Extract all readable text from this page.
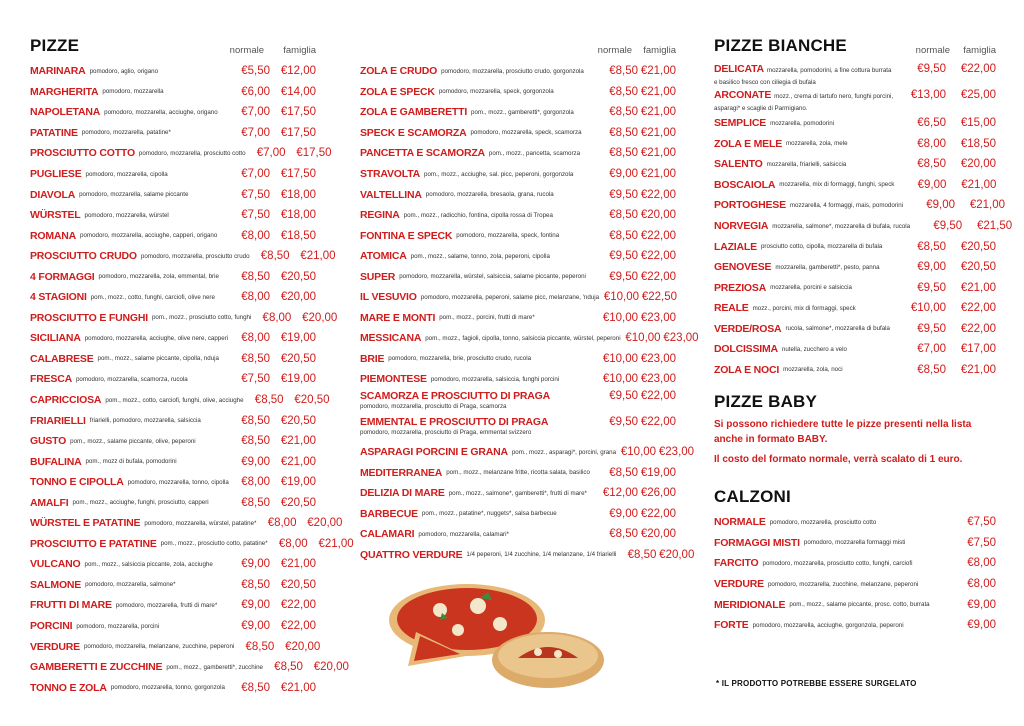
PIZZE	normale	famiglia
MARINARA pomodoro, aglio, origano	€5,50 €12,00
MARGHERITA pomodoro, mozzarella	€6,00 €14,00
NAPOLETANA pomodoro, mozzarella, acciughe, origano	€7,00 €17,50
PATATINE pomodoro, mozzarella, patatine*	€7,00 €17,50
PROSCIUTTO COTTO pomodoro, mozzarella, prosciutto cotto €7,00 €17,50
PUGLIESE pomodoro, mozzarella, cipolla	€7,00 €17,50
DIAVOLA pomodoro, mozzarella, salame piccante	€7,50 €18,00
WÜRSTEL pomodoro, mozzarella, würstel	€7,50 €18,00
ROMANA pomodoro, mozzarella, acciughe, capperi, origano	€8,00 €18,50
PROSCIUTTO CRUDO pomodoro, mozzarella, prosciutto crudo €8,50 €21,00
4 FORMAGGI pomodoro, mozzarella, zola, emmental, brie	€8,50 €20,50
4 STAGIONI pom., mozz., cotto, funghi, carciofi, olive nere	€8,00 €20,00
PROSCIUTTO E FUNGHI pom., mozz., prosciutto cotto, funghi €8,00 €20,00
SICILIANA pomodoro, mozzarella, acciughe, olive nere, capperi	€8,00 €19,00
CALABRESE pom., mozz., salame piccante, cipolla, nduja	€8,50 €20,50
FRESCA pomodoro, mozzarella, scamorza, rucola	€7,50 €19,00
CAPRICCIOSA pom., mozz., cotto, carciofi, funghi, olive, acciughe €8,50 €20,50
FRIARIELLI friarielli, pomodoro, mozzarella, salsiccia	€8,50 €20,50
GUSTO pom., mozz., salame piccante, olive, peperoni	€8,50 €21,00
BUFALINA pom., mozz di bufala, pomodorini	€9,00 €21,00
TONNO E CIPOLLA pomodoro, mozzarella, tonno, cipolla	€8,00 €19,00
AMALFI pom., mozz., acciughe, funghi, prosciutto, capperi	€8,50 €20,50
WÜRSTEL E PATATINE pomodoro, mozzarella, würstel, patatine* €8,00 €20,00
PROSCIUTTO E PATATINE pom., mozz., prosciutto cotto, patatine* €8,00 €21,00
VULCANO pom., mozz., salsiccia piccante, zola, acciughe	€9,00 €21,00
SALMONE pomodoro, mozzarella, salmone*	€8,50 €20,50
FRUTTI DI MARE pomodoro, mozzarella, frutti di mare*	€9,00 €22,00
PORCINI pomodoro, mozzarella, porcini	€9,00 €22,00
VERDURE pomodoro, mozzarella, melanzane, zucchine, peperoni €8,50 €20,00
GAMBERETTI E ZUCCHINE pom., mozz., gamberetti*, zucchine €8,50 €20,00
TONNO E ZOLA pomodoro, mozzarella, tonno, gorgonzola	€8,50 €21,00
normale	famiglia
ZOLA E CRUDO pomodoro, mozzarella, prosciutto crudo, gorgonzola	€8,50 €21,00
ZOLA E SPECK pomodoro, mozzarella, speck, gorgonzola	€8,50 €21,00
ZOLA E GAMBERETTI pom., mozz., gamberetti*, gorgonzola	€8,50 €21,00
SPECK E SCAMORZA pomodoro, mozzarella, speck, scamorza	€8,50 €21,00
PANCETTA E SCAMORZA pom., mozz., pancetta, scamorza	€8,50 €21,00
STRAVOLTA pom., mozz., acciughe, sal. picc, peperoni, gorgonzola	€9,00 €21,00
VALTELLINA pomodoro, mozzarella, bresaola, grana, rucola	€9,50 €22,00
REGINA pom., mozz., radicchio, fontina, cipolla rossa di Tropea	€8,50 €20,00
FONTINA E SPECK pomodoro, mozzarella, speck, fontina	€8,50 €22,00
ATOMICA pom., mozz., salame, tonno, zola, peperoni, cipolla	€9,50 €22,00
SUPER pomodoro, mozzarella, würstel, salsiccia, salame piccante, peperoni	€9,50 €22,00
IL VESUVIO pomodoro, mozzarella, peperoni, salame picc, melanzane, 'nduja €10,00 €22,50
MARE E MONTI pom., mozz., porcini, frutti di mare*	€10,00 €23,00
MESSICANA pom., mozz., fagioli, cipolla, tonno, salsiccia piccante, würstel, peperoni €10,00 €23,00
BRIE pomodoro, mozzarella, brie, prosciutto crudo, rucola	€10,00 €23,00
PIEMONTESE pomodoro, mozzarella, salsiccia, funghi porcini	€10,00 €23,00
SCAMORZA E PROSCIUTTO DI PRAGA
pomodoro, mozzarella, prosciutto di Praga, scamorza
€9,50 €22,00
EMMENTAL E PROSCIUTTO DI PRAGA
pomodoro, mozzarella, prosciutto di Praga, emmental svizzero
€9,50 €22,00
ASPARAGI PORCINI E GRANA pom., mozz., asparagi*, porcini, grana €10,00 €23,00
MEDITERRANEA pom., mozz., melanzane fritte, ricotta salata, basilico	€8,50 €19,00
DELIZIA DI MARE pom., mozz., salmone*, gamberetti*, frutti di mare*	€12,00 €26,00
BARBECUE pom., mozz., patatine*, nuggets*, salsa barbecue	€9,00 €22,00
CALAMARI pomodoro, mozzarella, calamari*	€8,50 €20,00
QUATTRO VERDURE 1/4 peperoni, 1/4 zucchine, 1/4 melanzane, 1/4 friarielli €8,50 €20,00
PIZZE BIANCHE	normale	famiglia
DELICATA mozzarella, pomodorini, a fine cottura burrata e basilico fresco con ciliegia di bufala
€9,50	€22,00
ARCONATE mozz., crema di tartufo nero, funghi porcini, asparagi* e scaglie di Parmigiano.
€13,00	€25,00
SEMPLICE mozzarella, pomodorini	€6,50	€15,00
ZOLA E MELE mozzarella, zola, mele	€8,00	€18,50
SALENTO mozzarella, friarielli, salsiccia	€8,50	€20,00
BOSCAIOLA mozzarella, mix di formaggi, funghi, speck	€9,00	€21,00
PORTOGHESE mozzarella, 4 formaggi, mais, pomodorini	€9,00	€21,00
NORVEGIA mozzarella, salmone*, mozzarella di bufala, rucola	€9,50	€21,50
LAZIALE prosciutto cotto, cipolla, mozzarella di bufala	€8,50	€20,50
GENOVESE mozzarella, gamberetti*, pesto, panna	€9,00	€20,50
PREZIOSA mozzarella, porcini e salsiccia	€9,50	€21,00
REALE mozz., porcini, mix di formaggi, speck	€10,00	€22,00
VERDE/ROSA rucola, salmone*, mozzarella di bufala	€9,50	€22,00
DOLCISSIMA nutella, zucchero a velo	€7,00	€17,00
ZOLA E NOCI mozzarella, zola, noci	€8,50	€21,00
PIZZE BABY
Si possono richiedere tutte le pizze presenti nella lista anche in formato BABY.
Il costo del formato normale, verrà scalato di 1 euro.
CALZONI
NORMALE pomodoro, mozzarella, prosciutto cotto	€7,50
FORMAGGI MISTI pomodoro, mozzarella formaggi misti	€7,50
FARCITO pomodoro, mozzarella, prosciutto cotto, funghi, carciofi	€8,00
VERDURE pomodoro, mozzarella, zucchine, melanzane, peperoni	€8,00
MERIDIONALE pom., mozz., salame piccante, prosc. cotto, burrata	€9,00
FORTE pomodoro, mozzarella, acciughe, gorgonzola, peperoni	€9,00
* IL PRODOTTO POTREBBE ESSERE SURGELATO
